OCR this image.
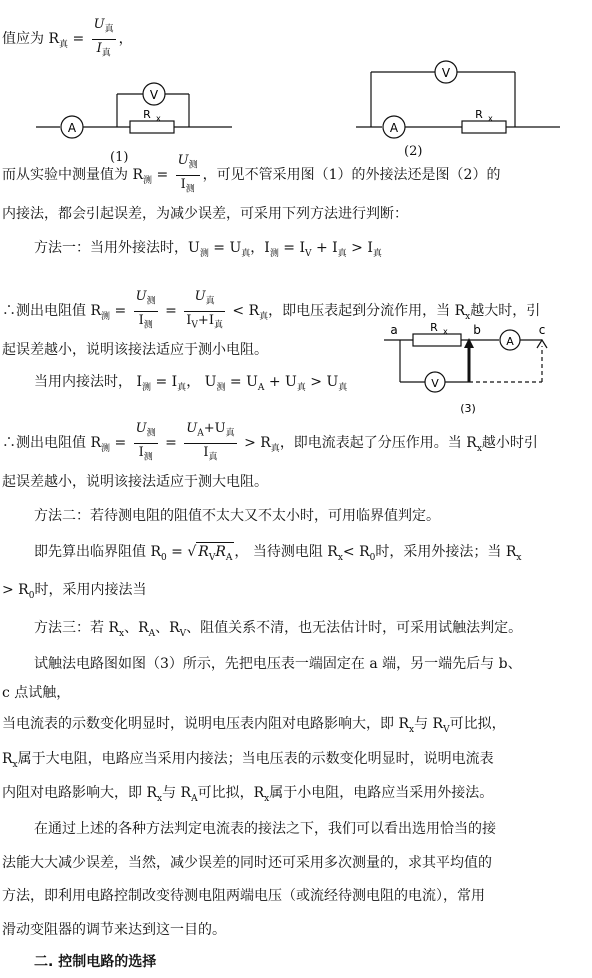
值应为 $R_真 = \frac{U_真}{I_真}$ ，
A
R x
V
A
R x
V
而从实验中测量值为 $R_测 = \frac{U_测}{I_测}$ ，可见不管采用图（1）的外接法还是图（2）的
(1)	(2)
内接法，都会引起误差，为减少误差，可采用下列方法进行判断：
方法一：当用外接法时，$U_测 = U_真$，$I_测 = I_V + I_真 > I_真$
∴测出电阻值 $R_测 = \frac{U_测}{I_测} = \frac{U_真}{I_V+I_真} < R_真$，即电压表起到分流作用，当 $R_x$越大时，引
起误差越小，说明该接法适应于测小电阻。
a	b	c
R x
A
V
(3)
当用内接法时， $I_测 = I_真$， $U_测 = U_A + U_真 > U_真$
∴测出电阻值 $R_测 = \frac{U_测}{I_测} = \frac{U_A+U_真}{I_真} > R_真$，即电流表起了分压作用。当 $R_x$越小时引
起误差越小，说明该接法适应于测大电阻。
方法二：若待测电阻的阻值不太大又不太小时，可用临界值判定。
即先算出临界阻值 $R_0$ = √ $R_VR_A$ ， 当待测电阻 $R_x< R_0$时，采用外接法；当 $R_x$
> $R_0$时，采用内接法当
方法三：若 $R_x$、$R_A$、$R_V$、阻值关系不清，也无法估计时，可采用试触法判定。
试触法电路图如图（3）所示，先把电压表一端固定在 a 端，另一端先后与 b、
c 点试触，
当电流表的示数变化明显时，说明电压表内阻对电路影响大，即 $R_x$与 $R_V$可比拟，
$R_x$属于大电阻，电路应当采用内接法；当电压表的示数变化明显时，说明电流表
内阻对电路影响大，即 $R_x$与 $R_A$可比拟，$R_x$属于小电阻，电路应当采用外接法。
在通过上述的各种方法判定电流表的接法之下，我们可以看出选用恰当的接
法能大大减少误差，当然，减少误差的同时还可采用多次测量的，求其平均值的
方法，即利用电路控制改变待测电阻两端电压（或流经待测电阻的电流），常用
滑动变阻器的调节来达到这一目的。
二. 控制电路的选择
